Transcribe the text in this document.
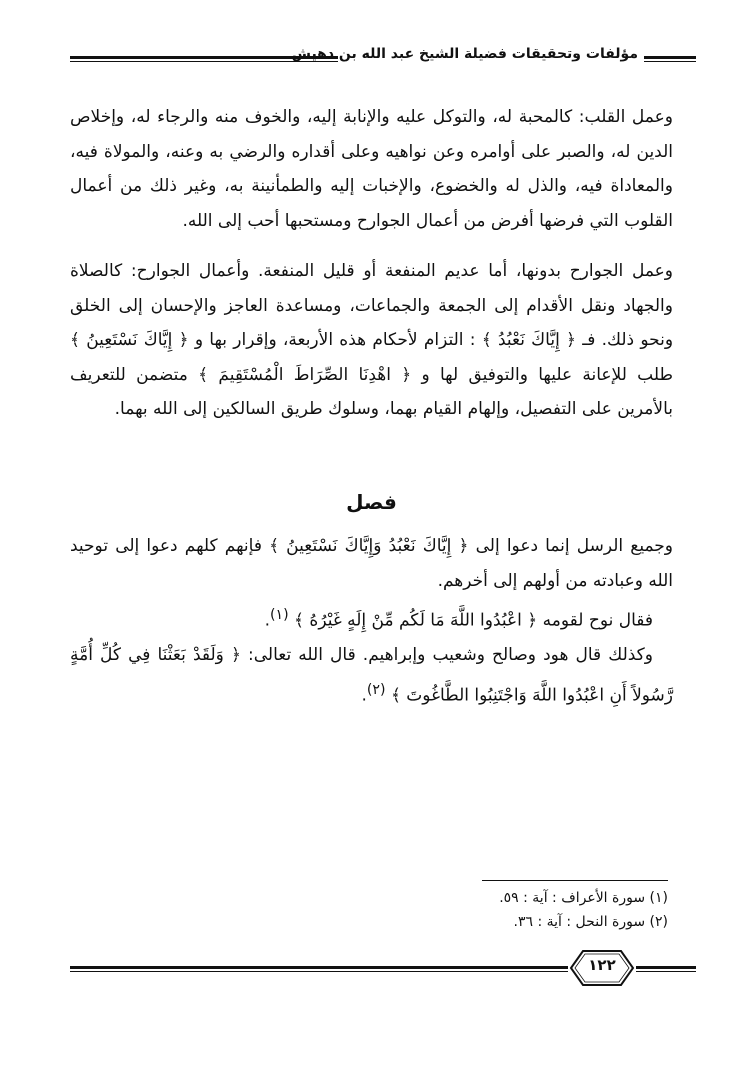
مؤلفات وتحقيقات فضيلة الشيخ عبد الله بن دهيش

وعمل القلب: كالمحبة له، والتوكل عليه والإنابة إليه، والخوف منه والرجاء له، وإخلاص الدين له، والصبر على أوامره وعن نواهيه وعلى أقداره والرضي به وعنه، والمولاة فيه، والمعاداة فيه، والذل له والخضوع، والإخبات إليه والطمأنينة به، وغير ذلك من أعمال القلوب التي فرضها أفرض من أعمال الجوارح ومستحبها أحب إلى الله.

وعمل الجوارح بدونها، أما عديم المنفعة أو قليل المنفعة. وأعمال الجوارح: كالصلاة والجهاد ونقل الأقدام إلى الجمعة والجماعات، ومساعدة العاجز والإحسان إلى الخلق ونحو ذلك. فـ ﴿ إِيَّاكَ نَعْبُدُ ﴾ : التزام لأحكام هذه الأربعة، وإقرار بها و ﴿ إِيَّاكَ نَسْتَعِينُ ﴾ طلب للإعانة عليها والتوفيق لها و ﴿ اهْدِنَا الصِّرَاطَ الْمُسْتَقِيمَ ﴾ متضمن للتعريف بالأمرين على التفصيل، وإلهام القيام بهما، وسلوك طريق السالكين إلى الله بهما.

فصل

وجميع الرسل إنما دعوا إلى ﴿ إِيَّاكَ نَعْبُدُ وَإِيَّاكَ نَسْتَعِينُ ﴾ فإنهم كلهم دعوا إلى توحيد الله وعبادته من أولهم إلى أخرهم.

فقال نوح لقومه ﴿ اعْبُدُوا اللَّهَ مَا لَكُم مِّنْ إِلَهٍ غَيْرُهُ ﴾ $^{(١)}$.

وكذلك قال هود وصالح وشعيب وإبراهيم. قال الله تعالى: ﴿ وَلَقَدْ بَعَثْنَا فِي كُلِّ أُمَّةٍ رَّسُولاً أَنِ اعْبُدُوا اللَّهَ وَاجْتَنِبُوا الطَّاغُوتَ ﴾ $^{(٢)}$.

(١) سورة الأعراف : آية : ٥٩.
(٢) سورة النحل : آية : ٣٦.
١٢٢
